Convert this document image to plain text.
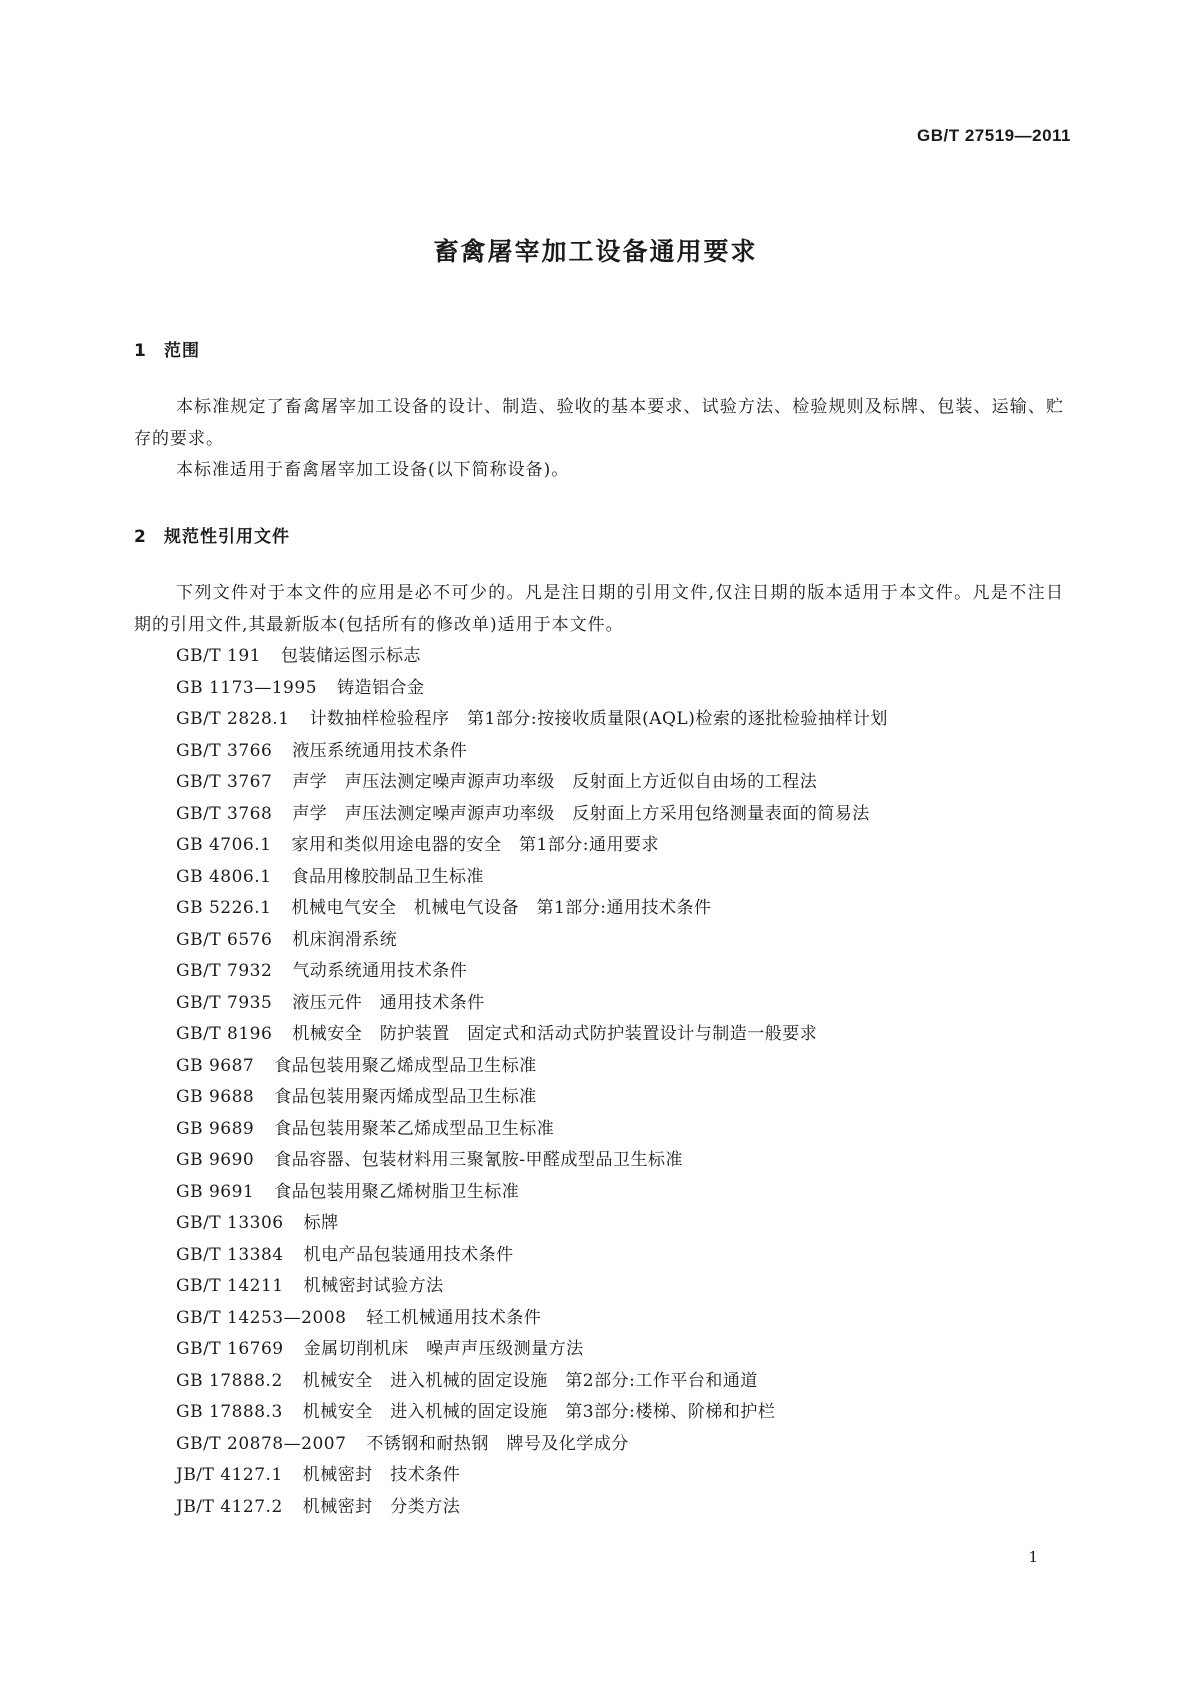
GB/T 27519—2011
畜禽屠宰加工设备通用要求
1 范围
本标准规定了畜禽屠宰加工设备的设计、制造、验收的基本要求、试验方法、检验规则及标牌、包装、运输、贮存的要求。
本标准适用于畜禽屠宰加工设备(以下简称设备)。
2 规范性引用文件
下列文件对于本文件的应用是必不可少的。凡是注日期的引用文件,仅注日期的版本适用于本文件。凡是不注日期的引用文件,其最新版本(包括所有的修改单)适用于本文件。
GB/T 191 包装储运图示标志
GB 1173—1995 铸造铝合金
GB/T 2828.1 计数抽样检验程序　第1部分:按接收质量限(AQL)检索的逐批检验抽样计划
GB/T 3766 液压系统通用技术条件
GB/T 3767 声学　声压法测定噪声源声功率级　反射面上方近似自由场的工程法
GB/T 3768 声学　声压法测定噪声源声功率级　反射面上方采用包络测量表面的简易法
GB 4706.1 家用和类似用途电器的安全　第1部分:通用要求
GB 4806.1 食品用橡胶制品卫生标准
GB 5226.1 机械电气安全　机械电气设备　第1部分:通用技术条件
GB/T 6576 机床润滑系统
GB/T 7932 气动系统通用技术条件
GB/T 7935 液压元件　通用技术条件
GB/T 8196 机械安全　防护装置　固定式和活动式防护装置设计与制造一般要求
GB 9687 食品包装用聚乙烯成型品卫生标准
GB 9688 食品包装用聚丙烯成型品卫生标准
GB 9689 食品包装用聚苯乙烯成型品卫生标准
GB 9690 食品容器、包装材料用三聚氰胺-甲醛成型品卫生标准
GB 9691 食品包装用聚乙烯树脂卫生标准
GB/T 13306 标牌
GB/T 13384 机电产品包装通用技术条件
GB/T 14211 机械密封试验方法
GB/T 14253—2008 轻工机械通用技术条件
GB/T 16769 金属切削机床　噪声声压级测量方法
GB 17888.2 机械安全　进入机械的固定设施　第2部分:工作平台和通道
GB 17888.3 机械安全　进入机械的固定设施　第3部分:楼梯、阶梯和护栏
GB/T 20878—2007 不锈钢和耐热钢　牌号及化学成分
JB/T 4127.1 机械密封　技术条件
JB/T 4127.2 机械密封　分类方法
1
